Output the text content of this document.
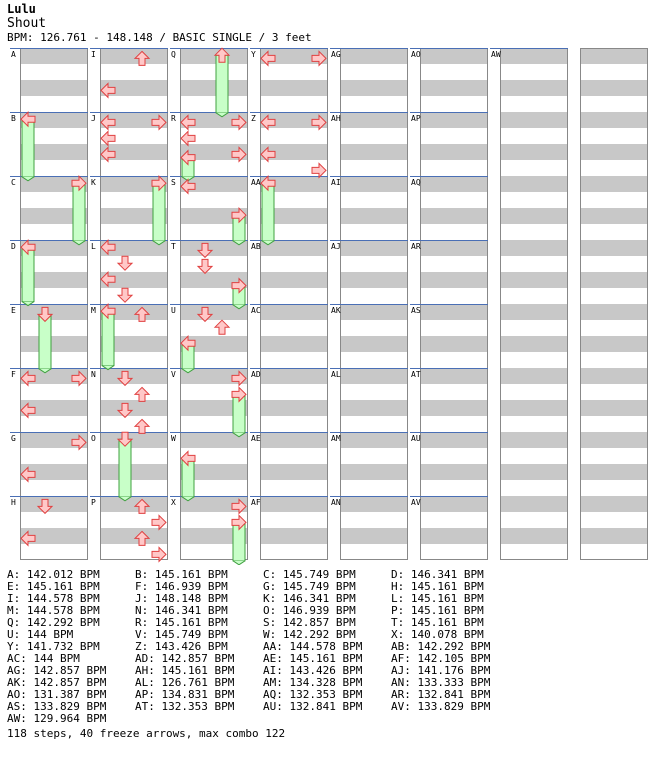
Lulu
Shout
BPM: 126.761 - 148.148 / BASIC SINGLE / 3 feet
A
B
C
D
E
F
G
H
I
J
K
L
M
N
O
P
Q
R
S
T
U
V
W
X
Y
Z
AA
AB
AC
AD
AE
AF
AG
AH
AI
AJ
AK
AL
AM
AN
AO
AP
AQ
AR
AS
AT
AU
AV
AW
A: 142.012 BPM	B: 145.161 BPM	C: 145.749 BPM	D: 146.341 BPM
E: 145.161 BPM	F: 146.939 BPM	G: 145.749 BPM	H: 145.161 BPM
I: 144.578 BPM	J: 148.148 BPM	K: 146.341 BPM	L: 145.161 BPM
M: 144.578 BPM	N: 146.341 BPM	O: 146.939 BPM	P: 145.161 BPM
Q: 142.292 BPM	R: 145.161 BPM	S: 142.857 BPM	T: 145.161 BPM
U: 144 BPM	V: 145.749 BPM	W: 142.292 BPM	X: 140.078 BPM
Y: 141.732 BPM	Z: 143.426 BPM	AA: 144.578 BPM	AB: 142.292 BPM
AC: 144 BPM	AD: 142.857 BPM	AE: 145.161 BPM	AF: 142.105 BPM
AG: 142.857 BPM	AH: 145.161 BPM	AI: 143.426 BPM	AJ: 141.176 BPM
AK: 142.857 BPM	AL: 126.761 BPM	AM: 134.328 BPM	AN: 133.333 BPM
AO: 131.387 BPM	AP: 134.831 BPM	AQ: 132.353 BPM	AR: 132.841 BPM
AS: 133.829 BPM	AT: 132.353 BPM	AU: 132.841 BPM	AV: 133.829 BPM
AW: 129.964 BPM
118 steps, 40 freeze arrows, max combo 122
